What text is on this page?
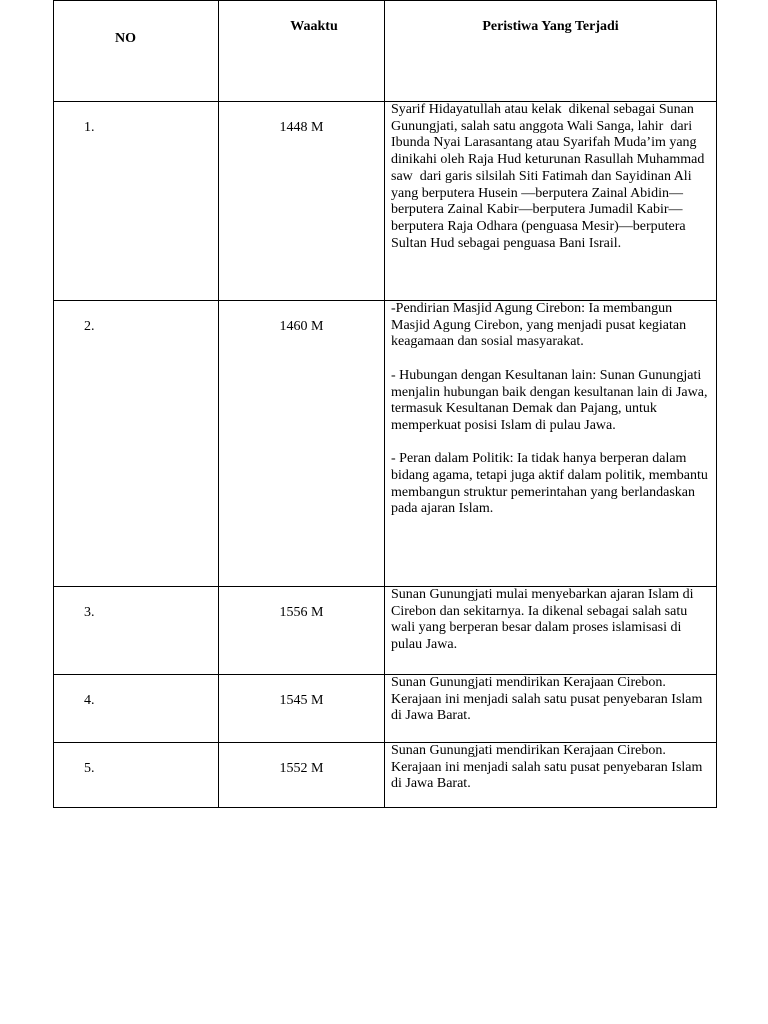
NO	Waaktu	Peristiwa Yang Terjadi

1.	1448 M	Syarif Hidayatullah atau kelak  dikenal sebagai Sunan Gunungjati, salah satu anggota Wali Sanga, lahir  dari  Ibunda Nyai Larasantang atau Syarifah Muda’im yang  dinikahi oleh Raja Hud keturunan Rasullah Muhammad saw  dari garis silsilah Siti Fatimah dan Sayidinan Ali yang berputera Husein —berputera Zainal Abidin—berputera Zainal Kabir—berputera Jumadil Kabir—berputera Raja Odhara (penguasa Mesir)—berputera Sultan Hud sebagai penguasa Bani Israil.

2.	1460 M	-Pendirian Masjid Agung Cirebon: Ia membangun Masjid Agung Cirebon, yang menjadi pusat kegiatan keagamaan dan sosial masyarakat.
- Hubungan dengan Kesultanan lain: Sunan Gunungjati menjalin hubungan baik dengan kesultanan lain di Jawa, termasuk Kesultanan Demak dan Pajang, untuk memperkuat posisi Islam di pulau Jawa.
- Peran dalam Politik: Ia tidak hanya berperan dalam bidang agama, tetapi juga aktif dalam politik, membantu membangun struktur pemerintahan yang berlandaskan pada ajaran Islam.

3.	1556 M	Sunan Gunungjati mulai menyebarkan ajaran Islam di Cirebon dan sekitarnya. Ia dikenal sebagai salah satu wali yang berperan besar dalam proses islamisasi di pulau Jawa.

4.	1545 M	Sunan Gunungjati mendirikan Kerajaan Cirebon. Kerajaan ini menjadi salah satu pusat penyebaran Islam di Jawa Barat.

5.	1552 M	Sunan Gunungjati mendirikan Kerajaan Cirebon. Kerajaan ini menjadi salah satu pusat penyebaran Islam di Jawa Barat.
